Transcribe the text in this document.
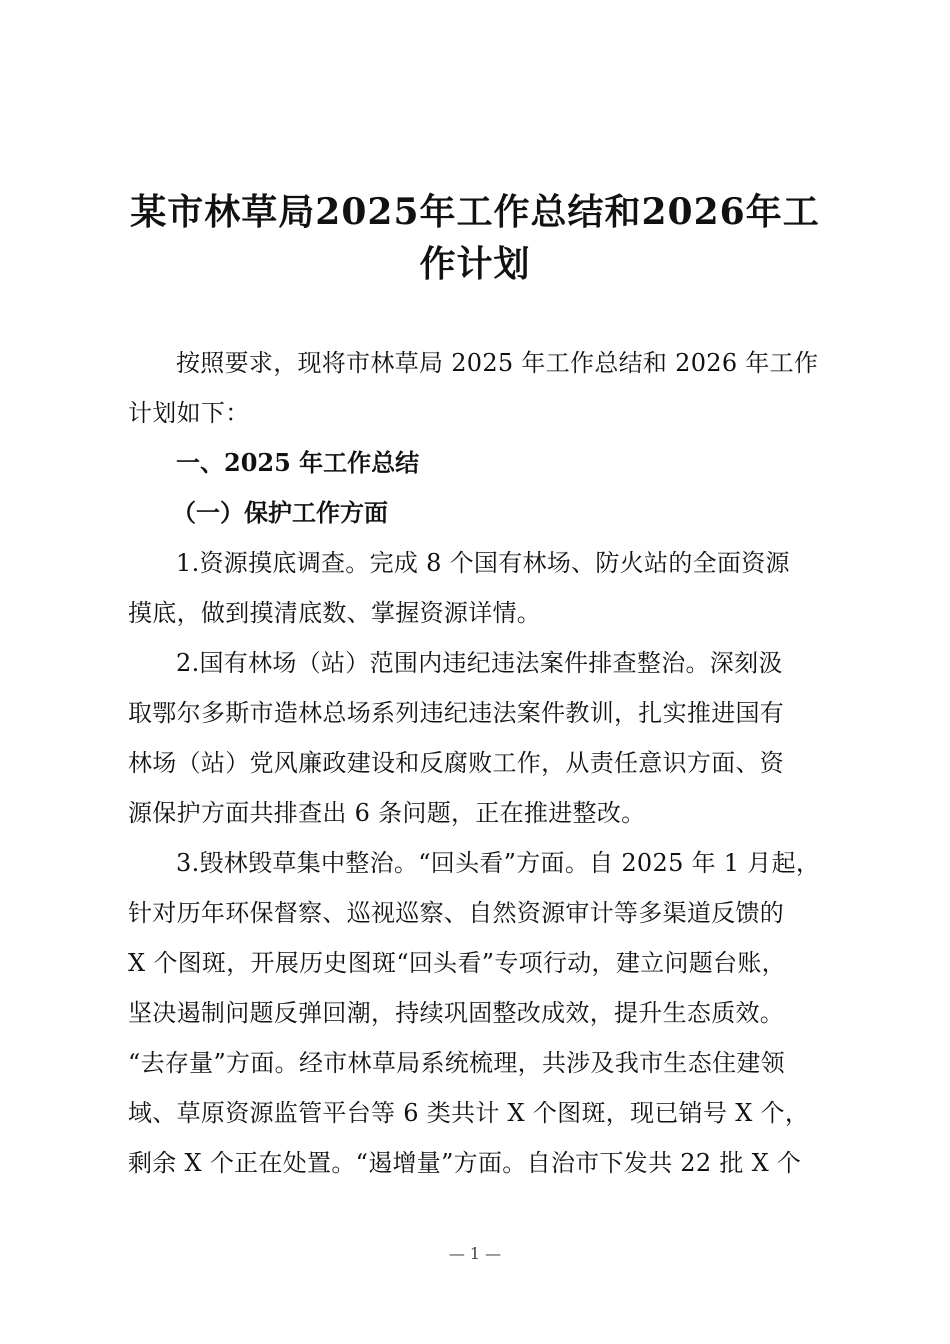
某市林草局2025年工作总结和2026年工
作计划

按照要求，现将市林草局 2025 年工作总结和 2026 年工作
计划如下：

一、2025 年工作总结

（一）保护工作方面

1.资源摸底调查。完成 8 个国有林场、防火站的全面资源
摸底，做到摸清底数、掌握资源详情。

2.国有林场（站）范围内违纪违法案件排查整治。深刻汲
取鄂尔多斯市造林总场系列违纪违法案件教训，扎实推进国有
林场（站）党风廉政建设和反腐败工作，从责任意识方面、资
源保护方面共排查出 6 条问题，正在推进整改。

3.毁林毁草集中整治。“回头看”方面。自 2025 年 1 月起，
针对历年环保督察、巡视巡察、自然资源审计等多渠道反馈的
X 个图斑，开展历史图斑“回头看”专项行动，建立问题台账，
坚决遏制问题反弹回潮，持续巩固整改成效，提升生态质效。
“去存量”方面。经市林草局系统梳理，共涉及我市生态住建领
域、草原资源监管平台等 6 类共计 X 个图斑，现已销号 X 个，
剩余 X 个正在处置。“遏增量”方面。自治市下发共 22 批 X 个

— 1 —
